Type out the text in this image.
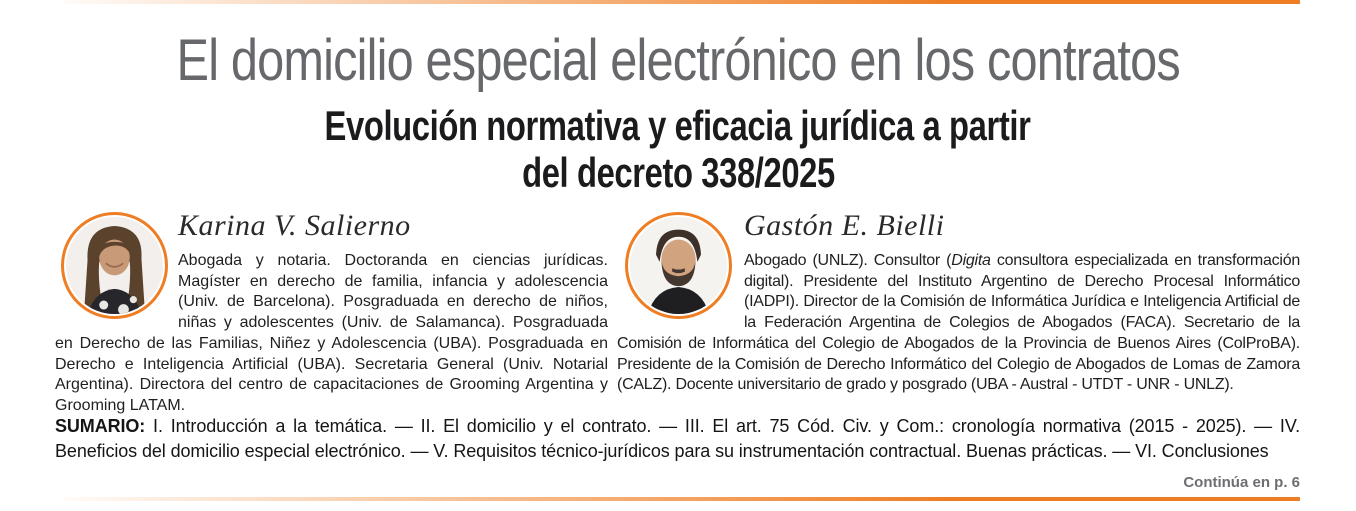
El domicilio especial electrónico en los contratos
Evolución normativa y eficacia jurídica a partir
del decreto 338/2025
Karina V. Salierno

Abogada y notaria. Doctoranda en ciencias jurídicas. Magíster en derecho de familia, infancia y adolescencia (Univ. de Barcelona). Posgraduada en derecho de niños, niñas y adolescentes (Univ. de Salamanca). Posgraduada en Derecho de las Familias, Niñez y Adolescencia (UBA). Posgraduada en Derecho e Inteligencia Artificial (UBA). Secretaria General (Univ. Notarial Argentina). Directora del centro de capacitaciones de Grooming Argentina y Grooming LATAM.

Gastón E. Bielli

Abogado (UNLZ). Consultor (Digita consultora especializada en transformación digital). Presidente del Instituto Argentino de Derecho Procesal Informático (IADPI). Director de la Comisión de Informática Jurídica e Inteligencia Artificial de la Federación Argentina de Colegios de Abogados (FACA). Secretario de la Comisión de Informática del Colegio de Abogados de la Provincia de Buenos Aires (ColProBA). Presidente de la Comisión de Derecho Informático del Colegio de Abogados de Lomas de Zamora (CALZ). Docente universitario de grado y posgrado (UBA - Austral - UTDT - UNR - UNLZ).

SUMARIO: I. Introducción a la temática. — II. El domicilio y el contrato. — III. El art. 75 Cód. Civ. y Com.: cronología normativa (2015 - 2025). — IV. Beneficios del domicilio especial electrónico. — V. Requisitos técnico-jurídicos para su instrumentación contractual. Buenas prácticas. — VI. Conclusiones

Continúa en p. 6
